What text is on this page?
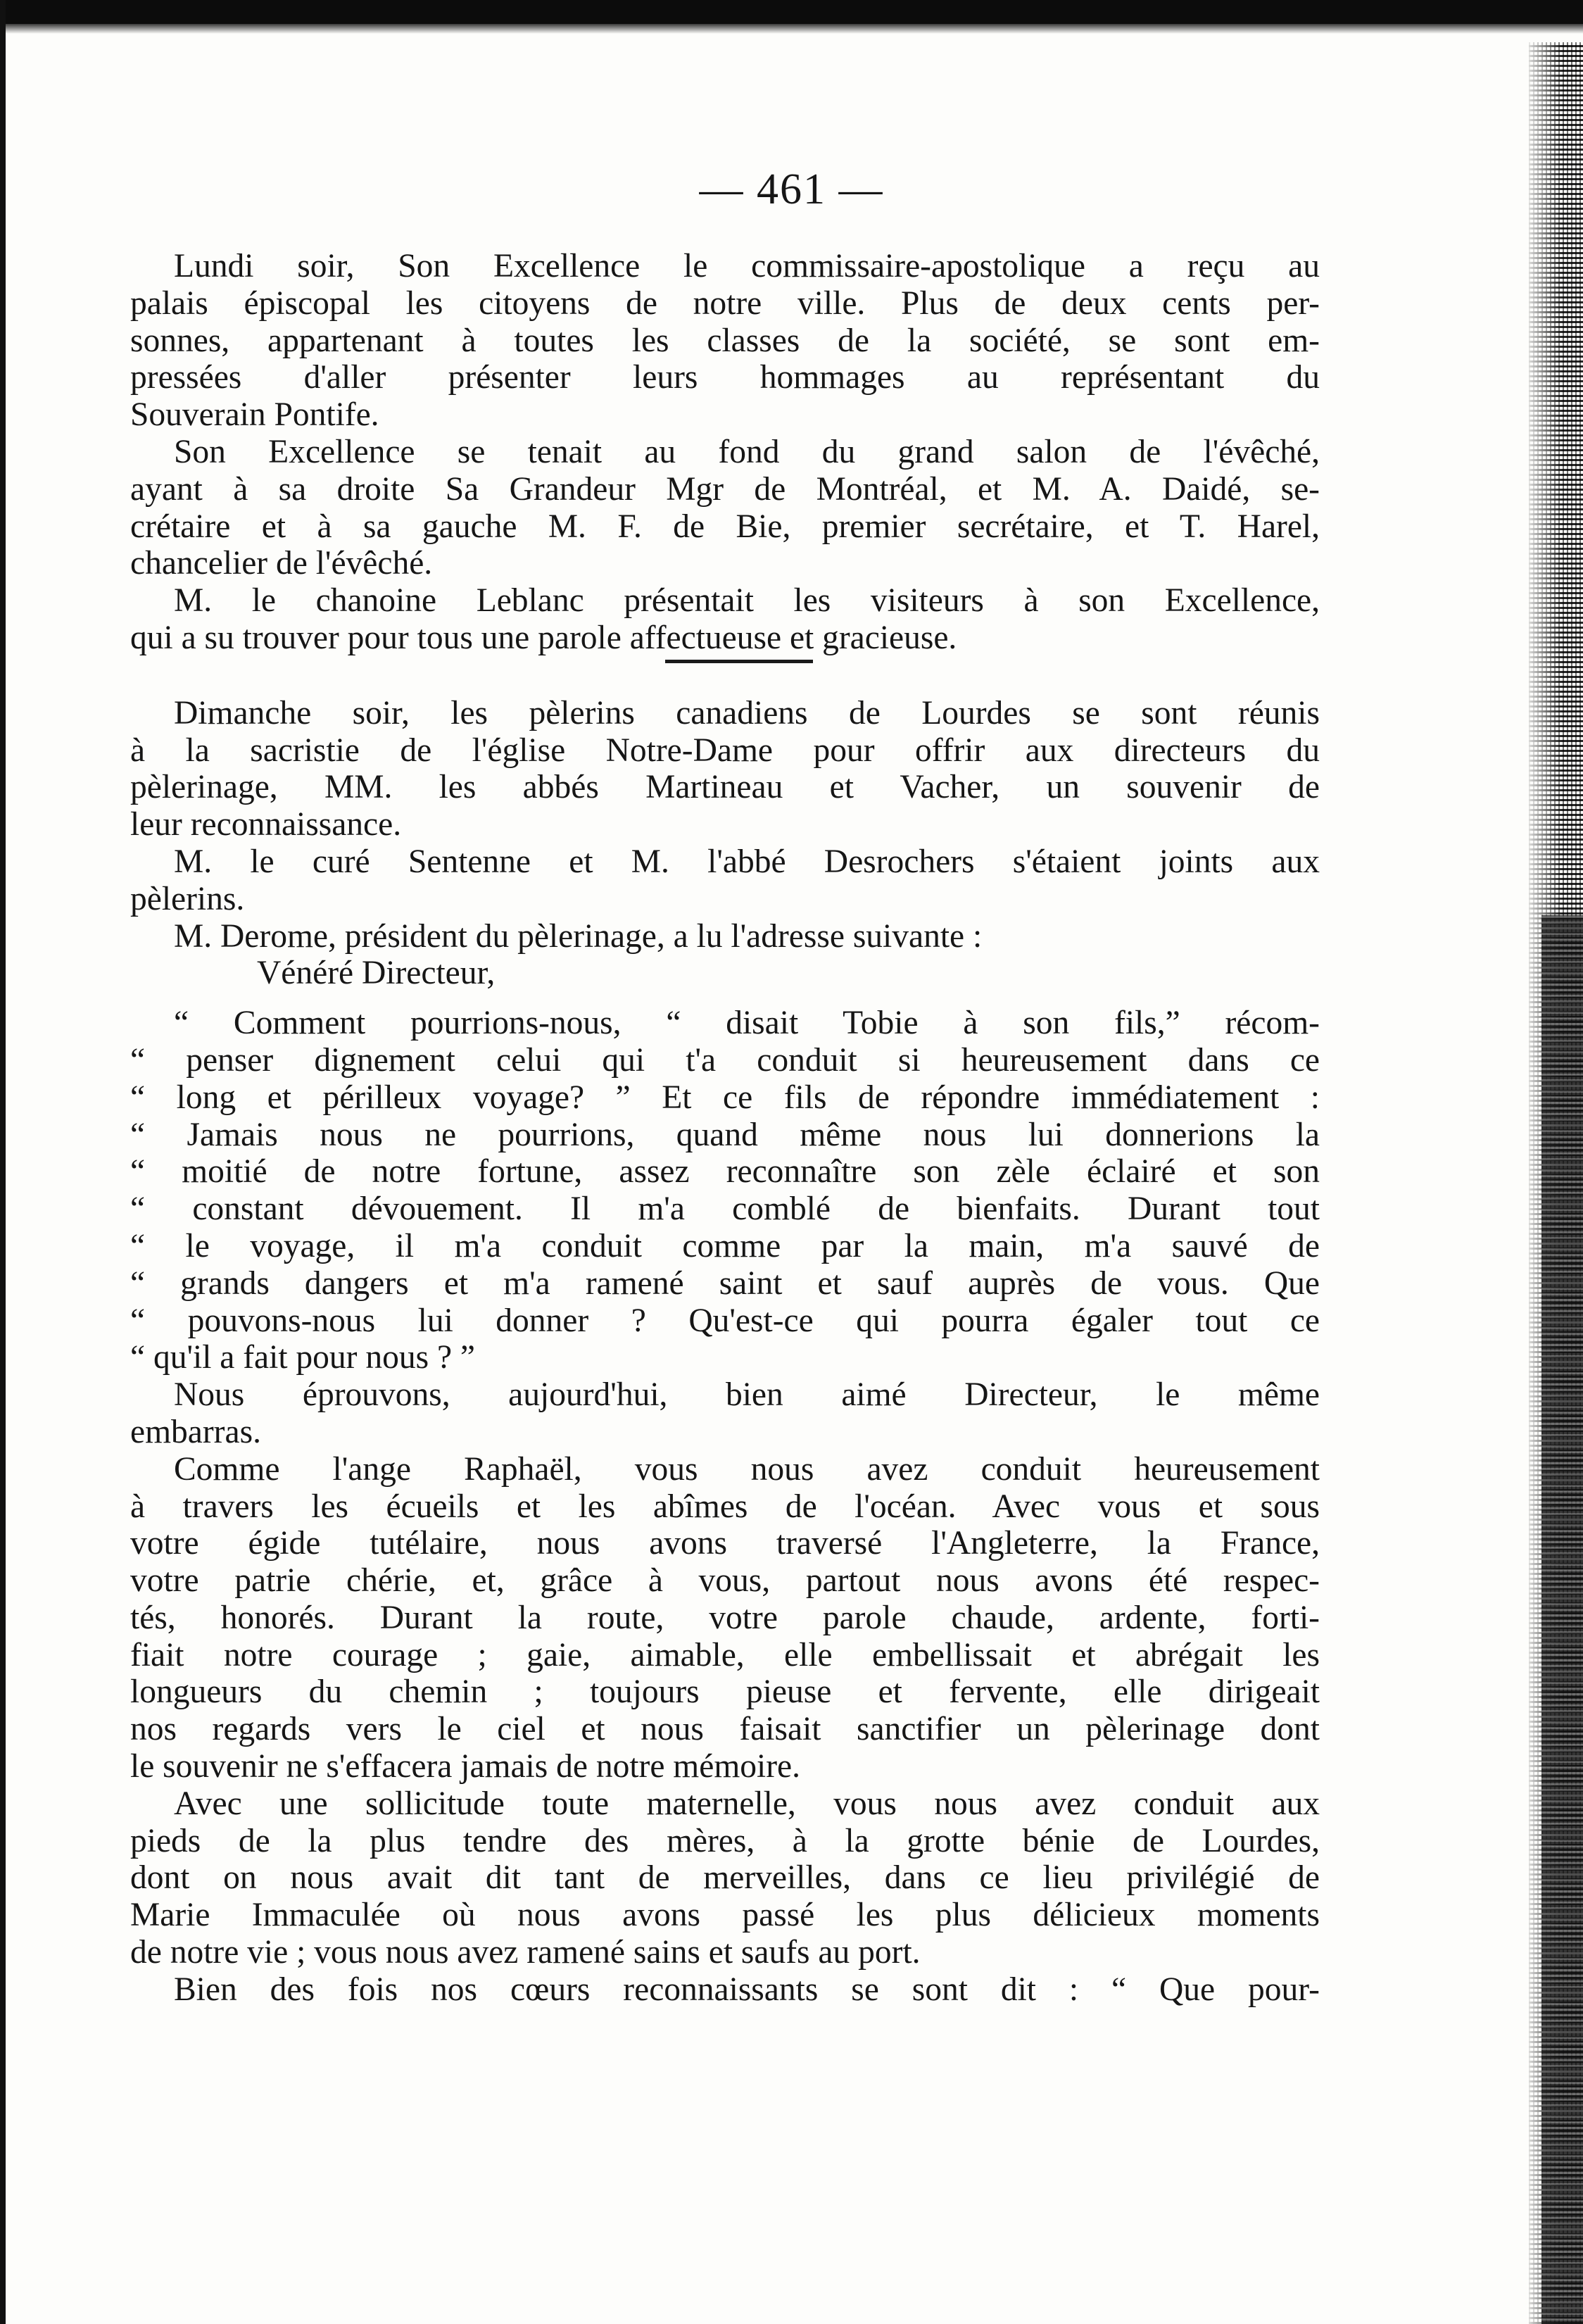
— 461 —
Lundi soir, Son Excellence le commissaire-apostolique a reçu au
palais épiscopal les citoyens de notre ville. Plus de deux cents per-
sonnes, appartenant à toutes les classes de la société, se sont em-
pressées d'aller présenter leurs hommages au représentant du
Souverain Pontife.
Son Excellence se tenait au fond du grand salon de l'évêché,
ayant à sa droite Sa Grandeur Mgr de Montréal, et M. A. Daidé, se-
crétaire et à sa gauche M. F. de Bie, premier secrétaire, et T. Harel,
chancelier de l'évêché.
M. le chanoine Leblanc présentait les visiteurs à son Excellence,
qui a su trouver pour tous une parole affectueuse et gracieuse.
Dimanche soir, les pèlerins canadiens de Lourdes se sont réunis
à la sacristie de l'église Notre-Dame pour offrir aux directeurs du
pèlerinage, MM. les abbés Martineau et Vacher, un souvenir de
leur reconnaissance.
M. le curé Sentenne et M. l'abbé Desrochers s'étaient joints aux
pèlerins.
M. Derome, président du pèlerinage, a lu l'adresse suivante :
Vénéré Directeur,
“ Comment pourrions-nous, “ disait Tobie à son fils,” récom-
“ penser dignement celui qui t'a conduit si heureusement dans ce
“ long et périlleux voyage? ” Et ce fils de répondre immédiatement :
“ Jamais nous ne pourrions, quand même nous lui donnerions la
“ moitié de notre fortune, assez reconnaître son zèle éclairé et son
“ constant dévouement. Il m'a comblé de bienfaits. Durant tout
“ le voyage, il m'a conduit comme par la main, m'a sauvé de
“ grands dangers et m'a ramené saint et sauf auprès de vous. Que
“ pouvons-nous lui donner ? Qu'est-ce qui pourra égaler tout ce
“ qu'il a fait pour nous ? ”
Nous éprouvons, aujourd'hui, bien aimé Directeur, le même
embarras.
Comme l'ange Raphaël, vous nous avez conduit heureusement
à travers les écueils et les abîmes de l'océan. Avec vous et sous
votre égide tutélaire, nous avons traversé l'Angleterre, la France,
votre patrie chérie, et, grâce à vous, partout nous avons été respec-
tés, honorés. Durant la route, votre parole chaude, ardente, forti-
fiait notre courage ; gaie, aimable, elle embellissait et abrégait les
longueurs du chemin ; toujours pieuse et fervente, elle dirigeait
nos regards vers le ciel et nous faisait sanctifier un pèlerinage dont
le souvenir ne s'effacera jamais de notre mémoire.
Avec une sollicitude toute maternelle, vous nous avez conduit aux
pieds de la plus tendre des mères, à la grotte bénie de Lourdes,
dont on nous avait dit tant de merveilles, dans ce lieu privilégié de
Marie Immaculée où nous avons passé les plus délicieux moments
de notre vie ; vous nous avez ramené sains et saufs au port.
Bien des fois nos cœurs reconnaissants se sont dit : “ Que pour-
